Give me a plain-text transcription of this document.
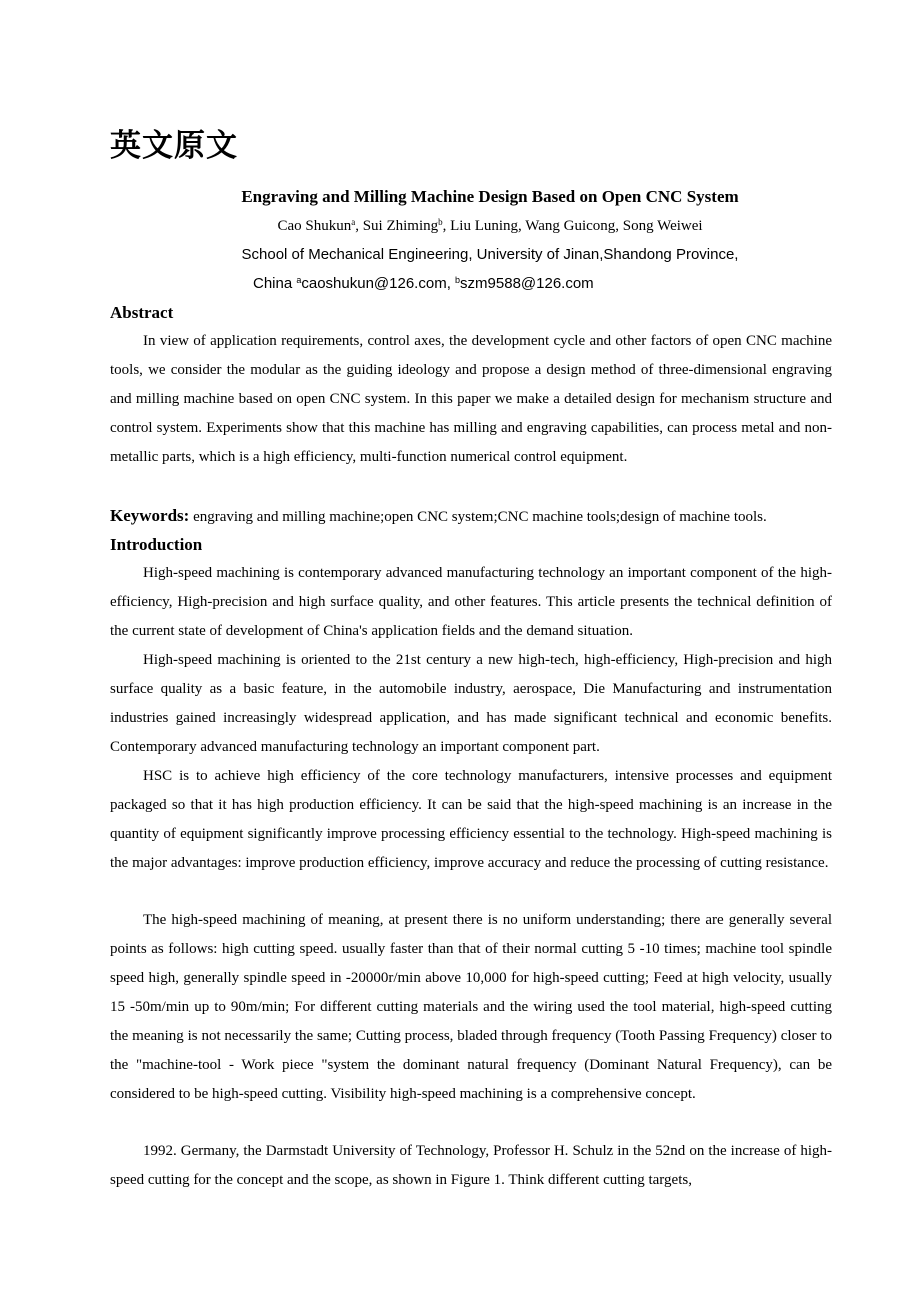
英文原文
Engraving and Milling Machine Design Based on Open CNC System
Cao Shukun$^a$, Sui Zhiming$^b$, Liu Luning, Wang Guicong, Song Weiwei
School of Mechanical Engineering, University of Jinan,Shandong Province,
China $^a$caoshukun@126.com, $^b$szm9588@126.com
Abstract

In view of application requirements, control axes, the development cycle and other factors of open CNC machine tools, we consider the modular as the guiding ideology and propose a design method of three-dimensional engraving and milling machine based on open CNC system. In this paper we make a detailed design for mechanism structure and control system. Experiments show that this machine has milling and engraving capabilities, can process metal and non-metallic parts, which is a high efficiency, multi-function numerical control equipment.

Keywords: engraving and milling machine;open CNC system;CNC machine tools;design of machine tools.

Introduction

High-speed machining is contemporary advanced manufacturing technology an important component of the high-efficiency, High-precision and high surface quality, and other features. This article presents the technical definition of the current state of development of China's application fields and the demand situation.

High-speed machining is oriented to the 21st century a new high-tech, high-efficiency, High-precision and high surface quality as a basic feature, in the automobile industry, aerospace, Die Manufacturing and instrumentation industries gained increasingly widespread application, and has made significant technical and economic benefits. Contemporary advanced manufacturing technology an important component part.

HSC is to achieve high efficiency of the core technology manufacturers, intensive processes and equipment packaged so that it has high production efficiency. It can be said that the high-speed machining is an increase in the quantity of equipment significantly improve processing efficiency essential to the technology. High-speed machining is the major advantages: improve production efficiency, improve accuracy and reduce the processing of cutting resistance.

The high-speed machining of meaning, at present there is no uniform understanding; there are generally several points as follows: high cutting speed. usually faster than that of their normal cutting 5 -10 times; machine tool spindle speed high, generally spindle speed in -20000r/min above 10,000 for high-speed cutting; Feed at high velocity, usually 15 -50m/min up to 90m/min; For different cutting materials and the wiring used the tool material, high-speed cutting the meaning is not necessarily the same; Cutting process, bladed through frequency (Tooth Passing Frequency) closer to the "machine-tool - Work piece "system the dominant natural frequency (Dominant Natural Frequency), can be considered to be high-speed cutting. Visibility high-speed machining is a comprehensive concept.

1992. Germany, the Darmstadt University of Technology, Professor H. Schulz in the 52nd on the increase of high-speed cutting for the concept and the scope, as shown in Figure 1. Think different cutting targets,
